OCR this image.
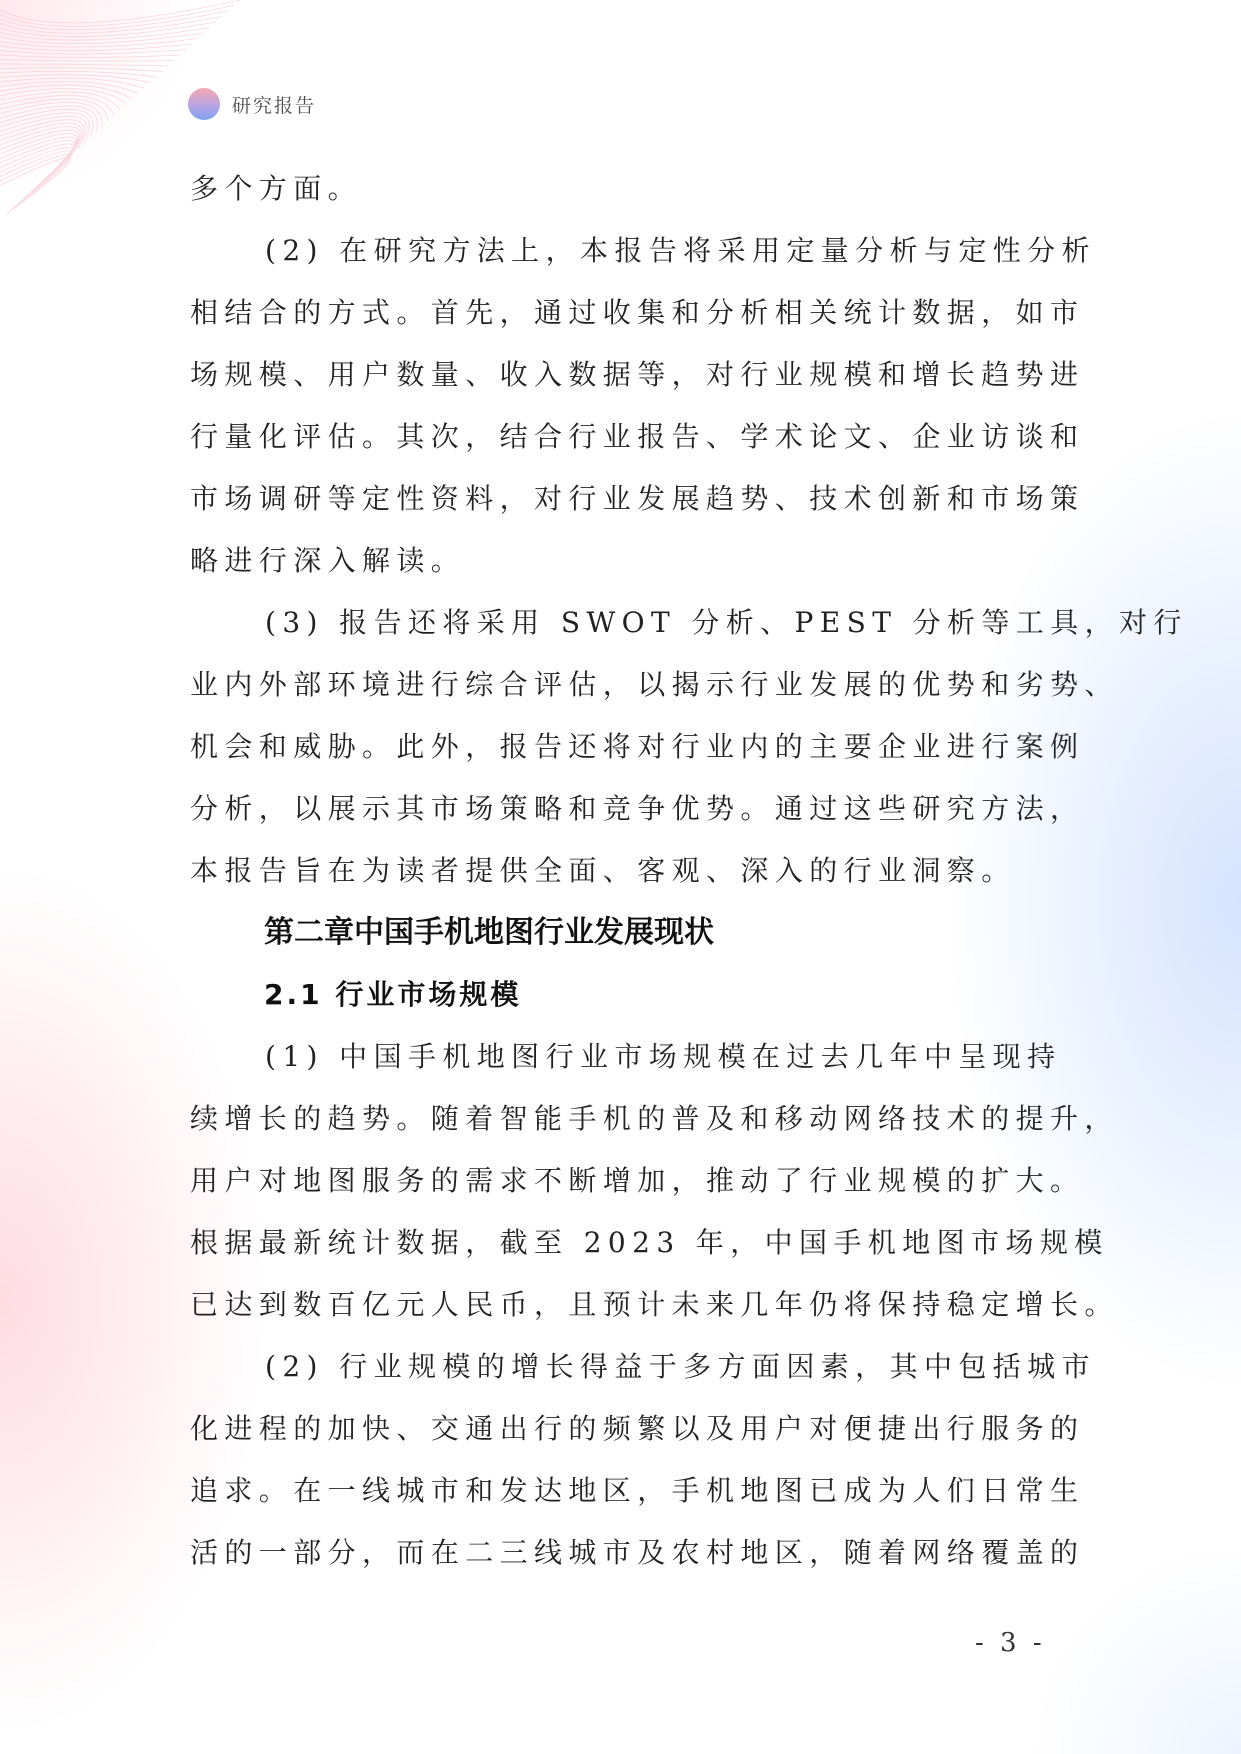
研究报告

多个方面。

(2) 在研究方法上，本报告将采用定量分析与定性分析
相结合的方式。首先，通过收集和分析相关统计数据，如市
场规模、用户数量、收入数据等，对行业规模和增长趋势进
行量化评估。其次，结合行业报告、学术论文、企业访谈和
市场调研等定性资料，对行业发展趋势、技术创新和市场策
略进行深入解读。

(3) 报告还将采用 SWOT 分析、PEST 分析等工具，对行
业内外部环境进行综合评估，以揭示行业发展的优势和劣势、
机会和威胁。此外，报告还将对行业内的主要企业进行案例
分析，以展示其市场策略和竞争优势。通过这些研究方法，
本报告旨在为读者提供全面、客观、深入的行业洞察。

第二章中国手机地图行业发展现状
2.1 行业市场规模

(1) 中国手机地图行业市场规模在过去几年中呈现持
续增长的趋势。随着智能手机的普及和移动网络技术的提升，
用户对地图服务的需求不断增加，推动了行业规模的扩大。
根据最新统计数据，截至 2023 年，中国手机地图市场规模
已达到数百亿元人民币，且预计未来几年仍将保持稳定增长。

(2) 行业规模的增长得益于多方面因素，其中包括城市
化进程的加快、交通出行的频繁以及用户对便捷出行服务的
追求。在一线城市和发达地区，手机地图已成为人们日常生
活的一部分，而在二三线城市及农村地区，随着网络覆盖的

- 3 -
